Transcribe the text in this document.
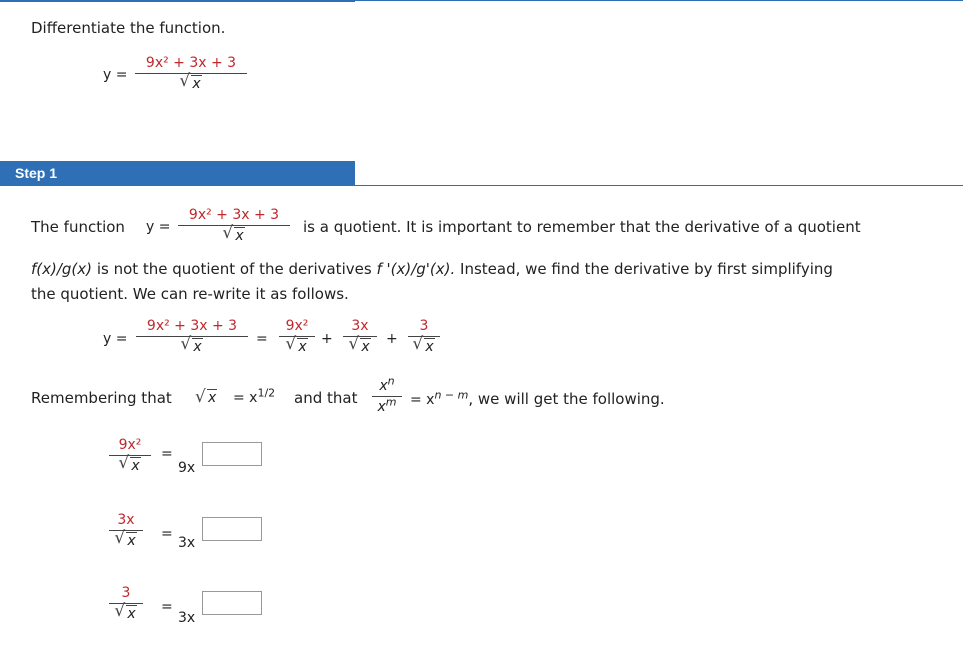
Differentiate the function.
y =
9x² + 3x + 3
√ x
Step 1
The function y =
9x² + 3x + 3
√ x	is a quotient. It is important to remember that the derivative of a quotient
f(x)/g(x) is not the quotient of the derivatives f '(x)/g'(x). Instead, we find the derivative by first simplifying
the quotient. We can re-write it as follows.
y =
9x² + 3x + 3
√ x	=
9x²
√ x	+
3x
√ x	+
3
√ x
Remembering that
√	$x = x^{1/2}$ and that
$x^n$
$x^m = x^{n - m}$, we will get the following.
9x²
√ x
=
9x
3x
√ x	=
3x
3
√ x	=
3x
